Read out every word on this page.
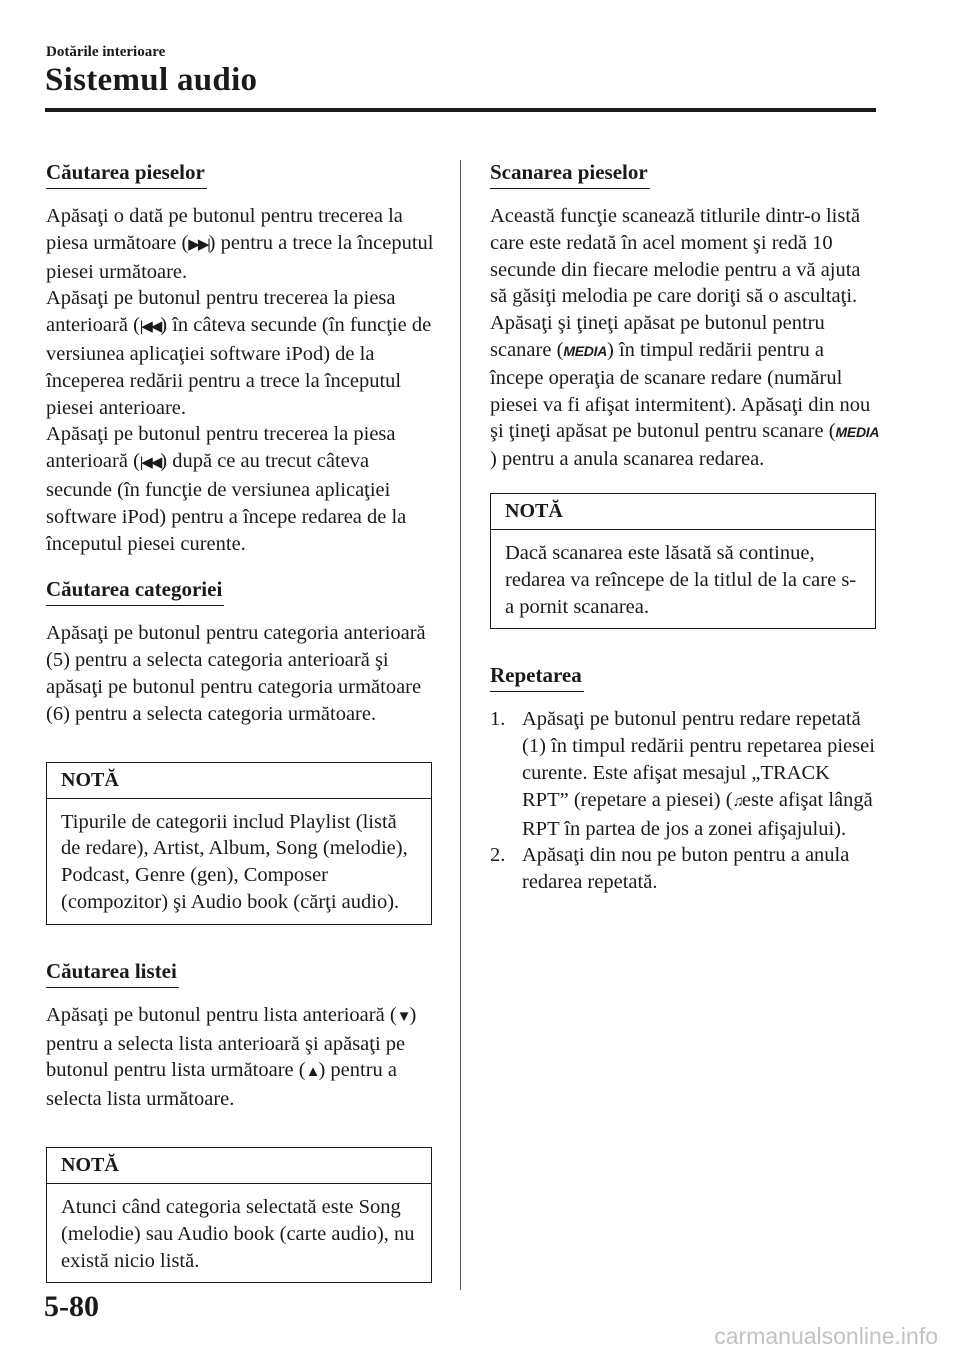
Dotările interioare
Sistemul audio
Căutarea pieselor

Apăsaţi o dată pe butonul pentru trecerea la piesa următoare (▶▶|) pentru a trece la începutul piesei următoare.

Apăsaţi pe butonul pentru trecerea la piesa anterioară (|◀◀) în câteva secunde (în funcţie de versiunea aplicaţiei software iPod) de la începerea redării pentru a trece la începutul piesei anterioare.

Apăsaţi pe butonul pentru trecerea la piesa anterioară (|◀◀) după ce au trecut câteva secunde (în funcţie de versiunea aplicaţiei software iPod) pentru a începe redarea de la începutul piesei curente.

Căutarea categoriei

Apăsaţi pe butonul pentru categoria anterioară (5) pentru a selecta categoria anterioară şi apăsaţi pe butonul pentru categoria următoare (6) pentru a selecta categoria următoare.

NOTĂ
Tipurile de categorii includ Playlist (listă de redare), Artist, Album, Song (melodie), Podcast, Genre (gen), Composer (compozitor) şi Audio book (cărţi audio).
Căutarea listei

Apăsaţi pe butonul pentru lista anterioară (▼) pentru a selecta lista anterioară şi apăsaţi pe butonul pentru lista următoare (▲) pentru a selecta lista următoare.

NOTĂ
Atunci când categoria selectată este Song (melodie) sau Audio book (carte audio), nu există nicio listă.
Scanarea pieselor

Această funcţie scanează titlurile dintr-o listă care este redată în acel moment şi redă 10 secunde din fiecare melodie pentru a vă ajuta să găsiţi melodia pe care doriţi să o ascultaţi.

Apăsaţi şi ţineţi apăsat pe butonul pentru scanare (MEDIA) în timpul redării pentru a începe operaţia de scanare redare (numărul piesei va fi afişat intermitent). Apăsaţi din nou şi ţineţi apăsat pe butonul pentru scanare (MEDIA) pentru a anula scanarea redarea.

NOTĂ
Dacă scanarea este lăsată să continue, redarea va reîncepe de la titlul de la care s-a pornit scanarea.
Repetarea
1. Apăsaţi pe butonul pentru redare repetată (1) în timpul redării pentru repetarea piesei curente. Este afişat mesajul „TRACK RPT” (repetare a piesei) (♫este afişat lângă RPT în partea de jos a zonei afişajului).
2. Apăsaţi din nou pe buton pentru a anula redarea repetată.
5-80
carmanualsonline.info
